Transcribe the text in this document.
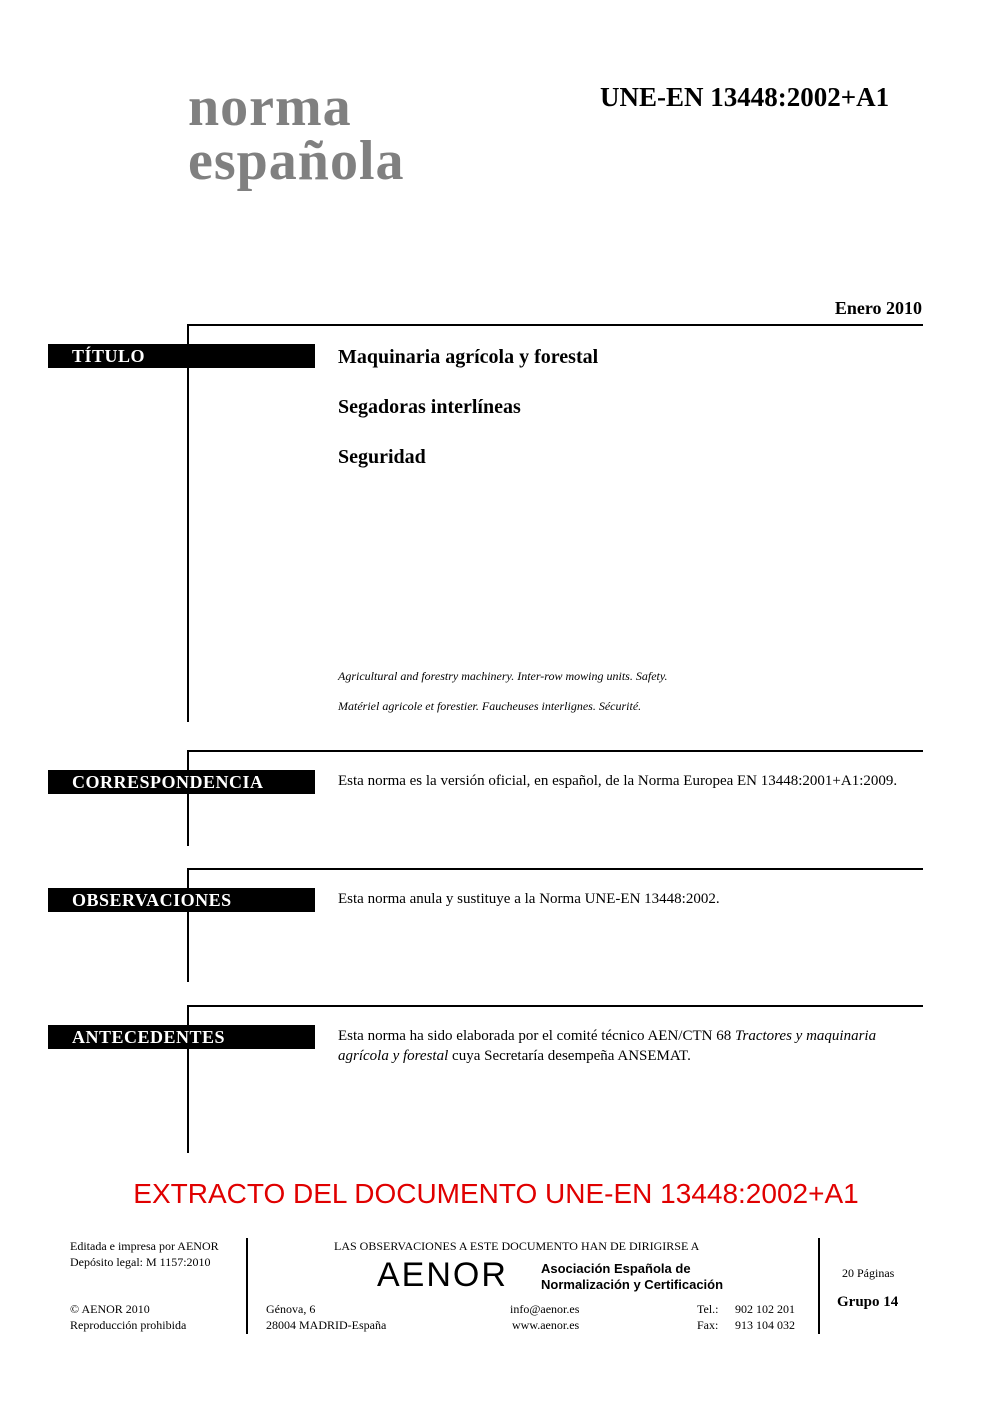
norma
española
UNE-EN 13448:2002+A1
Enero 2010
TÍTULO	Maquinaria agrícola y forestal
Segadoras interlíneas
Seguridad
Agricultural and forestry machinery. Inter-row mowing units. Safety.
Matériel agricole et forestier. Faucheuses interlignes. Sécurité.
CORRESPONDENCIA	Esta norma es la versión oficial, en español, de la Norma Europea EN 13448:2001+A1:2009.
OBSERVACIONES	Esta norma anula y sustituye a la Norma UNE-EN 13448:2002.
ANTECEDENTES	Esta norma ha sido elaborada por el comité técnico AEN/CTN 68 Tractores y maquinaria agrícola y forestal cuya Secretaría desempeña ANSEMAT.
EXTRACTO DEL DOCUMENTO UNE-EN 13448:2002+A1
Editada e impresa por AENOR
Depósito legal: M 1157:2010
© AENOR 2010
Reproducción prohibida
LAS OBSERVACIONES A ESTE DOCUMENTO HAN DE DIRIGIRSE A
AENOR	Asociación Española de
Normalización y Certificación
Génova, 6
28004 MADRID-España
info@aenor.es
www.aenor.es
Tel.: 902 102 201
Fax: 913 104 032
20 Páginas
Grupo 14
